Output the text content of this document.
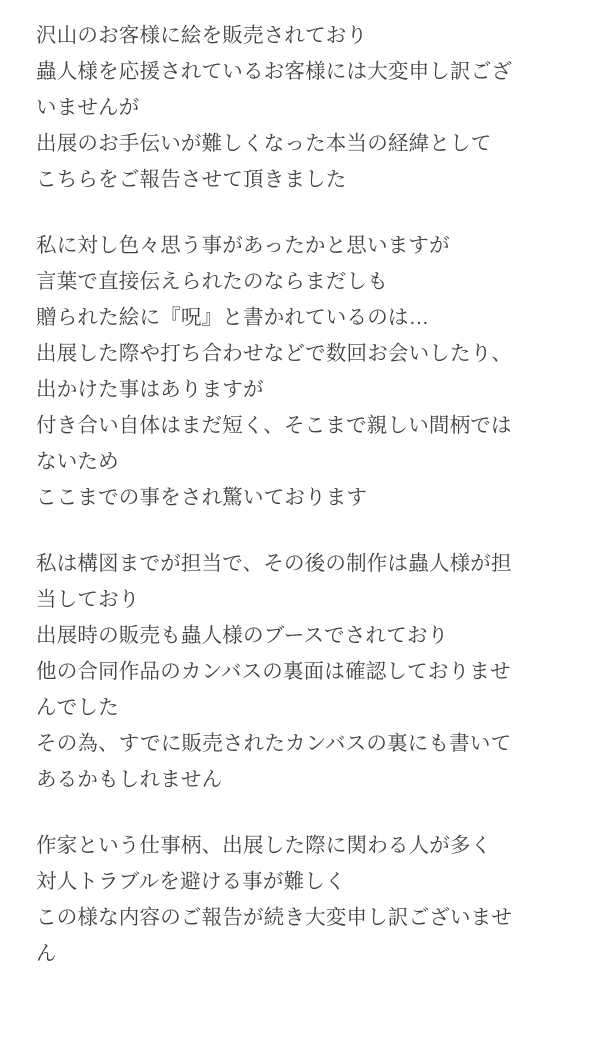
沢山のお客様に絵を販売されており
蟲人様を応援されているお客様には大変申し訳ござ
いませんが
出展のお手伝いが難しくなった本当の経緯として
こちらをご報告させて頂きました
私に対し色々思う事があったかと思いますが
言葉で直接伝えられたのならまだしも
贈られた絵に『呪』と書かれているのは…
出展した際や打ち合わせなどで数回お会いしたり、
出かけた事はありますが
付き合い自体はまだ短く、そこまで親しい間柄では
ないため
ここまでの事をされ驚いております
私は構図までが担当で、その後の制作は蟲人様が担
当しており
出展時の販売も蟲人様のブースでされており
他の合同作品のカンバスの裏面は確認しておりませ
んでした
その為、すでに販売されたカンバスの裏にも書いて
あるかもしれません
作家という仕事柄、出展した際に関わる人が多く
対人トラブルを避ける事が難しく
この様な内容のご報告が続き大変申し訳ございませ
ん
